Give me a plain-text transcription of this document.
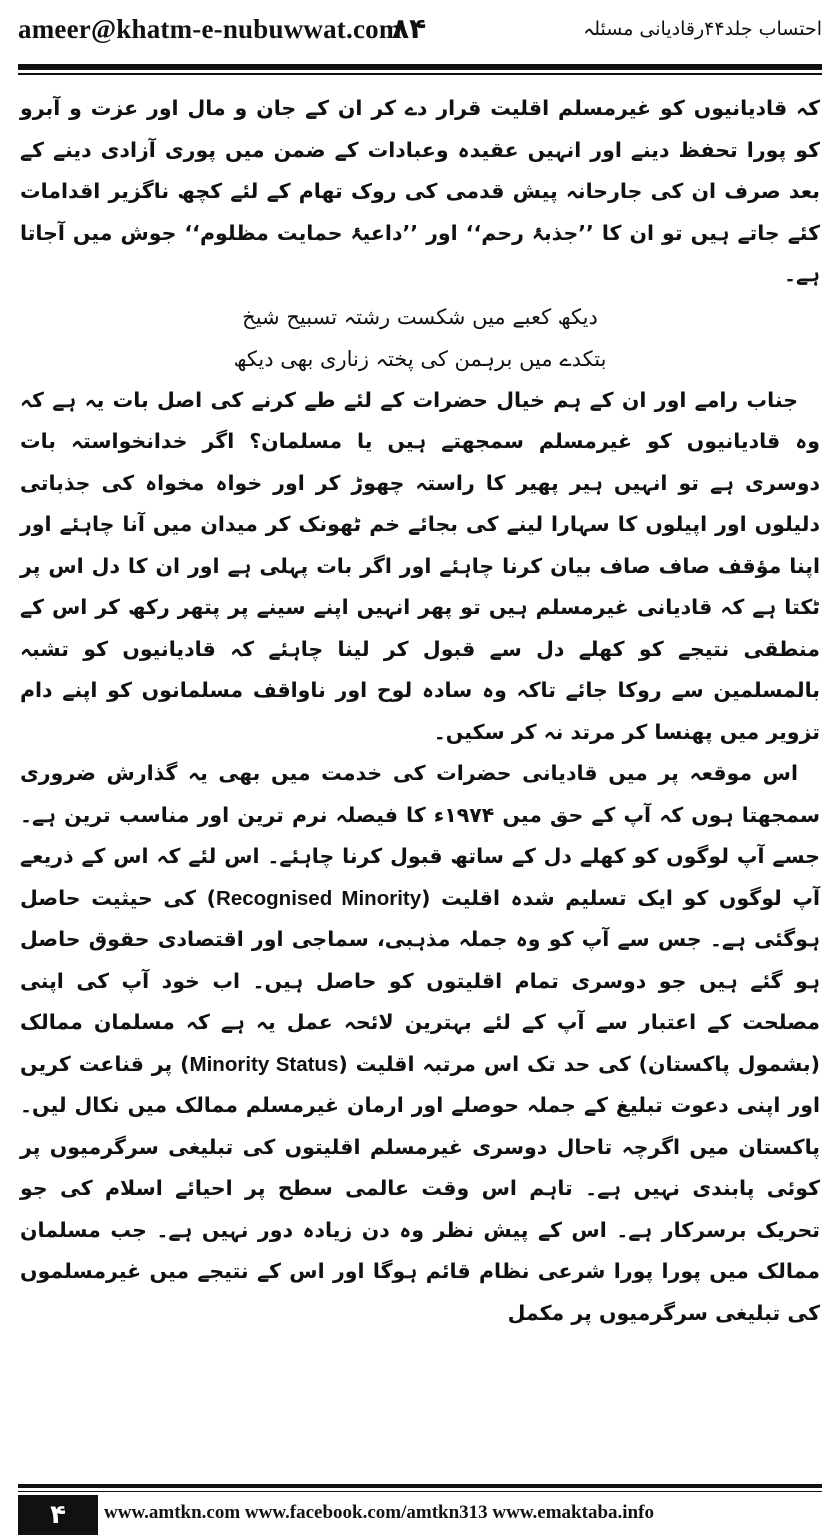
ameer@khatm-e-nubuwwat.com
۸۴	احتساب جلد۴۴رقادیانی مسئلہ

کہ قادیانیوں کو غیرمسلم اقلیت قرار دے کر ان کے جان و مال اور عزت و آبرو کو پورا تحفظ دینے اور انہیں عقیدہ وعبادات کے ضمن میں پوری آزادی دینے کے بعد صرف ان کی جارحانہ پیش قدمی کی روک تھام کے لئے کچھ ناگزیر اقدامات کئے جاتے ہیں تو ان کا ’’جذبۂ رحم‘‘ اور ’’داعیۂ حمایت مظلوم‘‘ جوش میں آجاتا ہے۔

دیکھ کعبے میں شکست رشتہ تسبیح شیخ

بتکدے میں برہمن کی پختہ زناری بھی دیکھ

جناب رامے اور ان کے ہم خیال حضرات کے لئے طے کرنے کی اصل بات یہ ہے کہ وہ قادیانیوں کو غیرمسلم سمجھتے ہیں یا مسلمان؟ اگر خدانخواستہ بات دوسری ہے تو انہیں ہیر پھیر کا راستہ چھوڑ کر اور خواہ مخواہ کی جذباتی دلیلوں اور اپیلوں کا سہارا لینے کی بجائے خم ٹھونک کر میدان میں آنا چاہئے اور اپنا مؤقف صاف صاف بیان کرنا چاہئے اور اگر بات پہلی ہے اور ان کا دل اس پر ٹکتا ہے کہ قادیانی غیرمسلم ہیں تو پھر انہیں اپنے سینے پر پتھر رکھ کر اس کے منطقی نتیجے کو کھلے دل سے قبول کر لینا چاہئے کہ قادیانیوں کو تشبہ بالمسلمین سے روکا جائے تاکہ وہ سادہ لوح اور ناواقف مسلمانوں کو اپنے دام تزویر میں پھنسا کر مرتد نہ کر سکیں۔

اس موقعہ پر میں قادیانی حضرات کی خدمت میں بھی یہ گذارش ضروری سمجھتا ہوں کہ آپ کے حق میں ۱۹۷۴ء کا فیصلہ نرم ترین اور مناسب ترین ہے۔ جسے آپ لوگوں کو کھلے دل کے ساتھ قبول کرنا چاہئے۔ اس لئے کہ اس کے ذریعے آپ لوگوں کو ایک تسلیم شدہ اقلیت (Recognised Minority) کی حیثیت حاصل ہوگئی ہے۔ جس سے آپ کو وہ جملہ مذہبی، سماجی اور اقتصادی حقوق حاصل ہو گئے ہیں جو دوسری تمام اقلیتوں کو حاصل ہیں۔ اب خود آپ کی اپنی مصلحت کے اعتبار سے آپ کے لئے بہترین لائحہ عمل یہ ہے کہ مسلمان ممالک (بشمول پاکستان) کی حد تک اس مرتبہ اقلیت (Minority Status) پر قناعت کریں اور اپنی دعوت تبلیغ کے جملہ حوصلے اور ارمان غیرمسلم ممالک میں نکال لیں۔ پاکستان میں اگرچہ تاحال دوسری غیرمسلم اقلیتوں کی تبلیغی سرگرمیوں پر کوئی پابندی نہیں ہے۔ تاہم اس وقت عالمی سطح پر احیائے اسلام کی جو تحریک برسرکار ہے۔ اس کے پیش نظر وہ دن زیادہ دور نہیں ہے۔ جب مسلمان ممالک میں پورا پورا شرعی نظام قائم ہوگا اور اس کے نتیجے میں غیرمسلموں کی تبلیغی سرگرمیوں پر مکمل

۴	www.amtkn.com www.facebook.com/amtkn313 www.emaktaba.info
